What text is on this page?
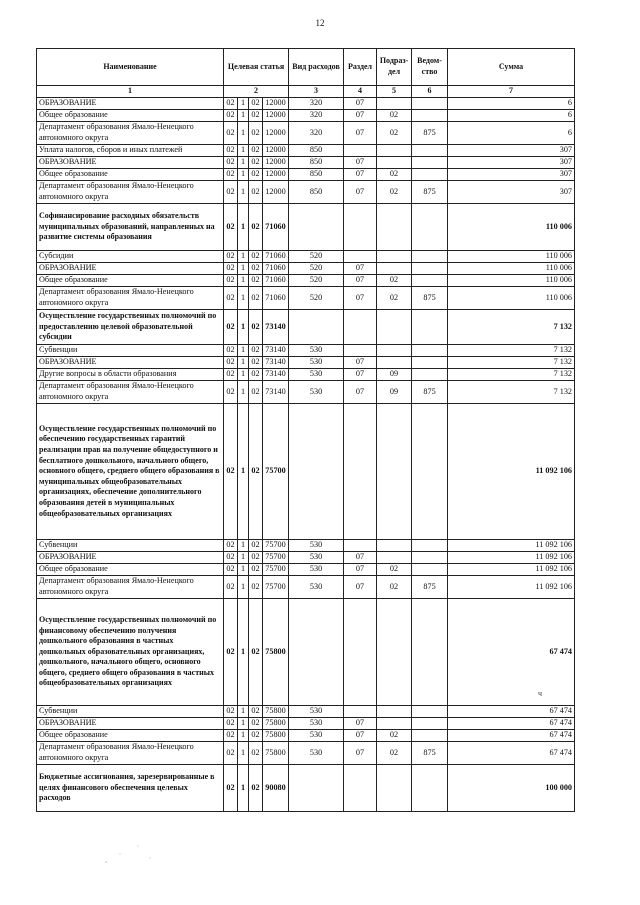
12
Наименование	Целевая статья				Вид расходов	Раздел	Подраз-дел	Ведом-ство	Сумма
1	2				3	4	5	6	7
ОБРАЗОВАНИЕ	02	1	02	12000	320	07			6
Общее образование	02	1	02	12000	320	07	02		6
Департамент образования Ямало-Ненецкого автономного округа	02	1	02	12000	320	07	02	875	6
Уплата налогов, сборов и иных платежей	02	1	02	12000	850				307
ОБРАЗОВАНИЕ	02	1	02	12000	850	07			307
Общее образование	02	1	02	12000	850	07	02		307
Департамент образования Ямало-Ненецкого автономного округа	02	1	02	12000	850	07	02	875	307
Софинансирование расходных обязательств муниципальных образований, направленных на развитие системы образования	02	1	02	71060					110 006
Субсидии	02	1	02	71060	520				110 006
ОБРАЗОВАНИЕ	02	1	02	71060	520	07			110 006
Общее образование	02	1	02	71060	520	07	02		110 006
Департамент образования Ямало-Ненецкого автономного округа	02	1	02	71060	520	07	02	875	110 006
Осуществление государственных полномочий по предоставлению целевой образовательной субсидии	02	1	02	73140					7 132
Субвенции	02	1	02	73140	530				7 132
ОБРАЗОВАНИЕ	02	1	02	73140	530	07			7 132
Другие вопросы в области образования	02	1	02	73140	530	07	09		7 132
Департамент образования Ямало-Ненецкого автономного округа	02	1	02	73140	530	07	09	875	7 132
Осуществление государственных полномочий по обеспечению государственных гарантий реализации прав на получение общедоступного и бесплатного дошкольного, начального общего, основного общего, среднего общего образования в муниципальных общеобразовательных организациях, обеспечение дополнительного образования детей в муниципальных общеобразовательных организациях	02	1	02	75700					11 092 106
Субвенции	02	1	02	75700	530				11 092 106
ОБРАЗОВАНИЕ	02	1	02	75700	530	07			11 092 106
Общее образование	02	1	02	75700	530	07	02		11 092 106
Департамент образования Ямало-Ненецкого автономного округа	02	1	02	75700	530	07	02	875	11 092 106
Осуществление государственных полномочий по финансовому обеспечению получения дошкольного образования в частных дошкольных образовательных организациях, дошкольного, начального общего, основного общего, среднего общего образования в частных общеобразовательных организациях	02	1	02	75800					67 474
Субвенции	02	1	02	75800	530				67 474
ОБРАЗОВАНИЕ	02	1	02	75800	530	07			67 474
Общее образование	02	1	02	75800	530	07	02		67 474
Департамент образования Ямало-Ненецкого автономного округа	02	1	02	75800	530	07	02	875	67 474
Бюджетные ассигнования, зарезервированные в целях финансового обеспечения целевых расходов	02	1	02	90080					100 000
ч
